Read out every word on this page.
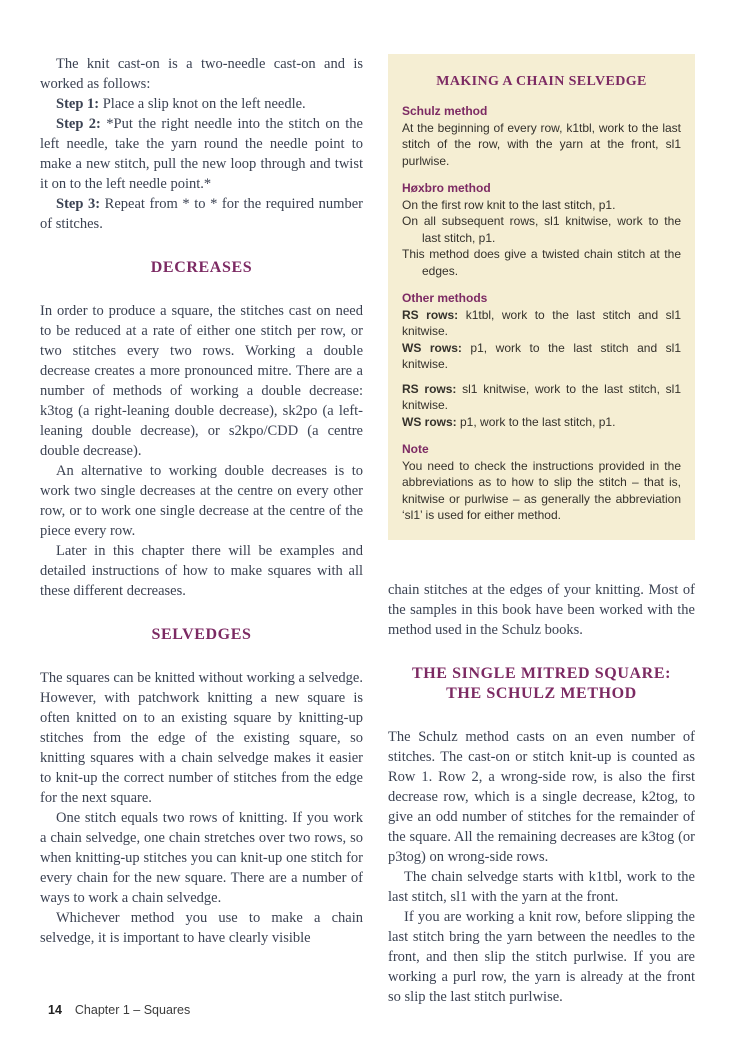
The knit cast-on is a two-needle cast-on and is worked as follows:

Step 1: Place a slip knot on the left needle.

Step 2: *Put the right needle into the stitch on the left needle, take the yarn round the needle point to make a new stitch, pull the new loop through and twist it on to the left needle point.*

Step 3: Repeat from * to * for the required number of stitches.

DECREASES

In order to produce a square, the stitches cast on need to be reduced at a rate of either one stitch per row, or two stitches every two rows. Working a double decrease creates a more pronounced mitre. There are a number of methods of working a double decrease: k3tog (a right-leaning double decrease), sk2po (a left-leaning double decrease), or s2kpo/CDD (a centre double decrease).

An alternative to working double decreases is to work two single decreases at the centre on every other row, or to work one single decrease at the centre of the piece every row.

Later in this chapter there will be examples and detailed instructions of how to make squares with all these different decreases.

SELVEDGES

The squares can be knitted without working a selvedge. However, with patchwork knitting a new square is often knitted on to an existing square by knitting-up stitches from the edge of the existing square, so knitting squares with a chain selvedge makes it easier to knit-up the correct number of stitches from the edge for the next square.

One stitch equals two rows of knitting. If you work a chain selvedge, one chain stretches over two rows, so when knitting-up stitches you can knit-up one stitch for every chain for the new square. There are a number of ways to work a chain selvedge.

Whichever method you use to make a chain selvedge, it is important to have clearly visible

MAKING A CHAIN SELVEDGE
Schulz method

At the beginning of every row, k1tbl, work to the last stitch of the row, with the yarn at the front, sl1 purlwise.

Høxbro method

On the first row knit to the last stitch, p1.

On all subsequent rows, sl1 knitwise, work to the last stitch, p1.

This method does give a twisted chain stitch at the edges.

Other methods

RS rows: k1tbl, work to the last stitch and sl1 knitwise.

WS rows: p1, work to the last stitch and sl1 knitwise.

RS rows: sl1 knitwise, work to the last stitch, sl1 knitwise.

WS rows: p1, work to the last stitch, p1.

Note

You need to check the instructions provided in the abbreviations as to how to slip the stitch – that is, knitwise or purlwise – as generally the abbreviation ‘sl1’ is used for either method.

chain stitches at the edges of your knitting. Most of the samples in this book have been worked with the method used in the Schulz books.

THE SINGLE MITRED SQUARE:
THE SCHULZ METHOD

The Schulz method casts on an even number of stitches. The cast-on or stitch knit-up is counted as Row 1. Row 2, a wrong-side row, is also the first decrease row, which is a single decrease, k2tog, to give an odd number of stitches for the remainder of the square. All the remaining decreases are k3tog (or p3tog) on wrong-side rows.

The chain selvedge starts with k1tbl, work to the last stitch, sl1 with the yarn at the front.

If you are working a knit row, before slipping the last stitch bring the yarn between the needles to the front, and then slip the stitch purlwise. If you are working a purl row, the yarn is already at the front so slip the last stitch purlwise.

14 Chapter 1 – Squares
